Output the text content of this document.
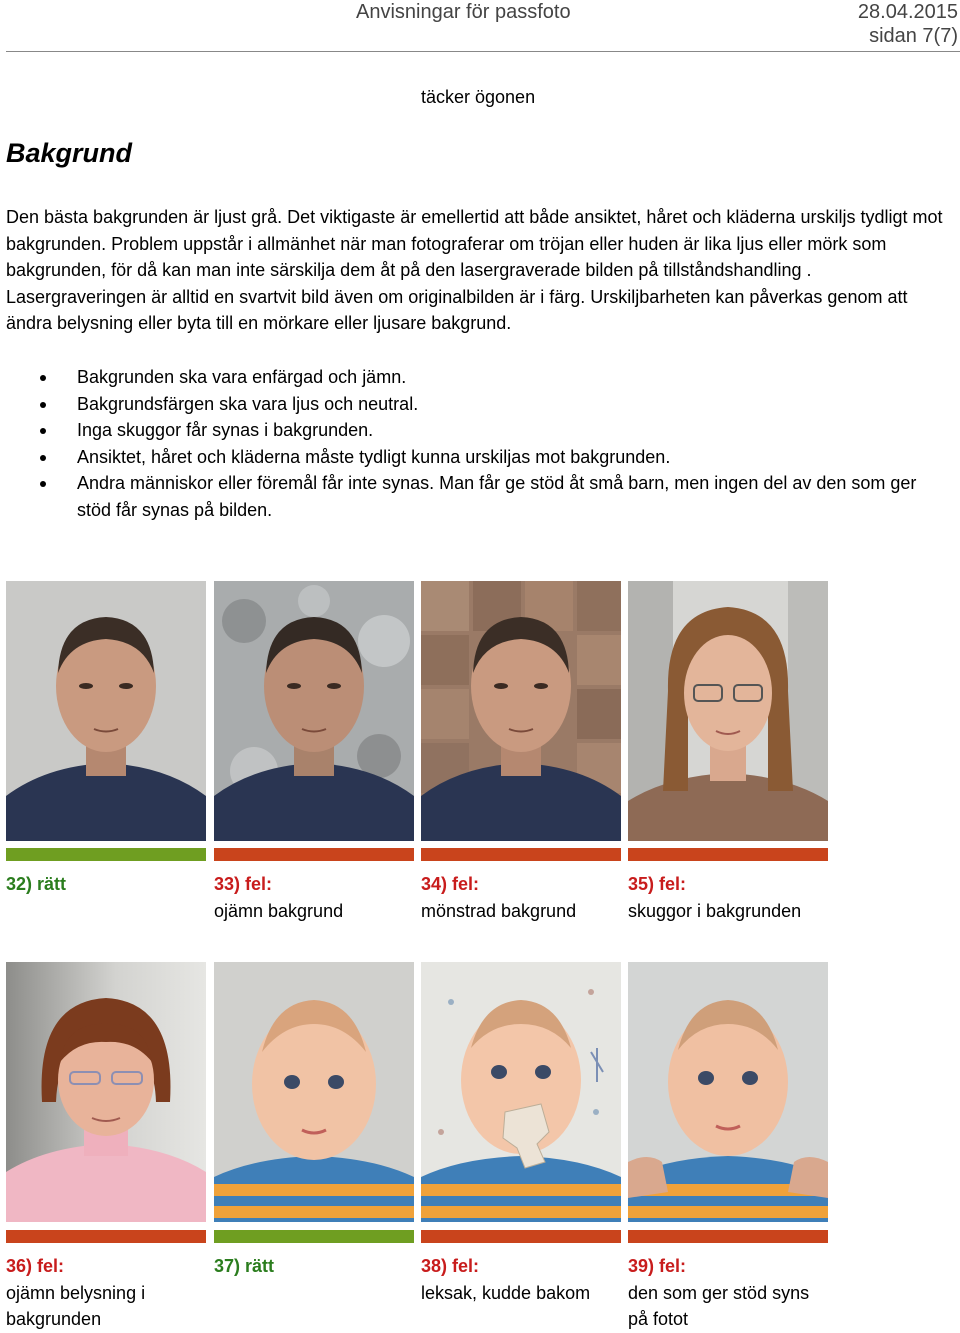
Anvisningar för passfoto	28.04.2015
sidan 7(7)
täcker ögonen
Bakgrund

Den bästa bakgrunden är ljust grå. Det viktigaste är emellertid att både ansiktet, håret och kläderna urskiljs tydligt mot bakgrunden. Problem uppstår i allmänhet när man fotograferar om tröjan eller huden är lika ljus eller mörk som bakgrunden, för då kan man inte särskilja dem åt på den lasergraverade bilden på tillståndshandling . Lasergraveringen är alltid en svartvit bild även om originalbilden är i färg. Urskiljbarheten kan påverkas genom att ändra belysning eller byta till en mörkare eller ljusare bakgrund.

Bakgrunden ska vara enfärgad och jämn.
Bakgrundsfärgen ska vara ljus och neutral.
Inga skuggor får synas i bakgrunden.
Ansiktet, håret och kläderna måste tydligt kunna urskiljas mot bakgrunden.
Andra människor eller föremål får inte synas. Man får ge stöd åt små barn, men ingen del av den som ger stöd får synas på bilden.
32) rätt	33) fel:
ojämn bakgrund
34) fel:
mönstrad bakgrund
35) fel:
skuggor i bakgrunden
36) fel:
ojämn belysning i bakgrunden
37) rätt	38) fel:
leksak, kudde bakom
39) fel:
den som ger stöd syns på fotot
